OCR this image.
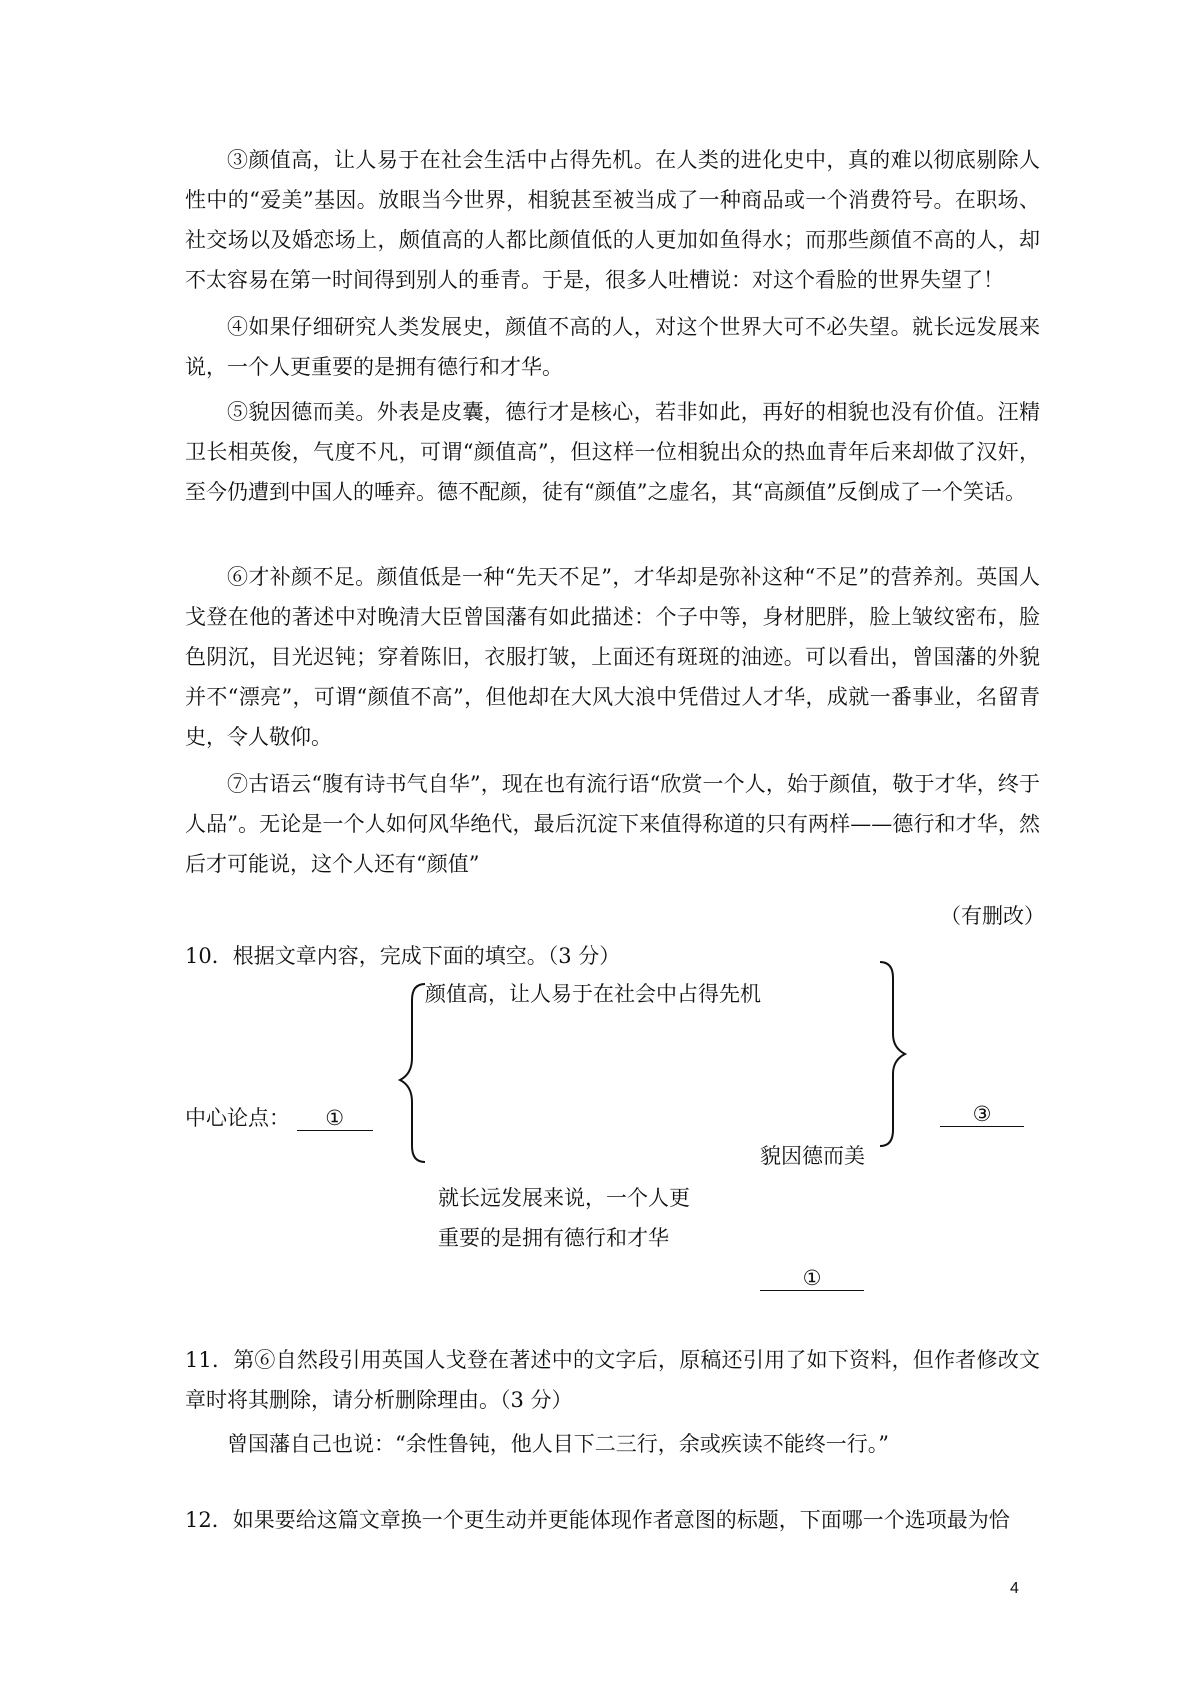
③颜值高，让人易于在社会生活中占得先机。在人类的进化史中，真的难以彻底剔除人性中的“爱美”基因。放眼当今世界，相貌甚至被当成了一种商品或一个消费符号。在职场、社交场以及婚恋场上，颇值高的人都比颜值低的人更加如鱼得水；而那些颜值不高的人，却不太容易在第一时间得到别人的垂青。于是，很多人吐槽说：对这个看脸的世界失望了！

④如果仔细研究人类发展史，颜值不高的人，对这个世界大可不必失望。就长远发展来说，一个人更重要的是拥有德行和才华。

⑤貌因德而美。外表是皮囊，德行才是核心，若非如此，再好的相貌也没有价值。汪精卫长相英俊，气度不凡，可谓“颜值高”，但这样一位相貌出众的热血青年后来却做了汉奸，至今仍遭到中国人的唾弃。德不配颜，徒有“颜值”之虚名，其“高颜值”反倒成了一个笑话。

⑥才补颜不足。颜值低是一种“先天不足”，才华却是弥补这种“不足”的营养剂。英国人戈登在他的著述中对晚清大臣曾国藩有如此描述：个子中等，身材肥胖，脸上皱纹密布，脸色阴沉，目光迟钝；穿着陈旧，衣服打皱，上面还有斑斑的油迹。可以看出，曾国藩的外貌并不“漂亮”，可谓“颜值不高”，但他却在大风大浪中凭借过人才华，成就一番事业，名留青史，令人敬仰。

⑦古语云“腹有诗书气自华”，现在也有流行语“欣赏一个人，始于颜值，敬于才华，终于人品”。无论是一个人如何风华绝代，最后沉淀下来值得称道的只有两样——德行和才华，然后才可能说，这个人还有“颜值”

（有删改）

10．根据文章内容，完成下面的填空。（3 分）

颜值高，让人易于在社会中占得先机

中心论点： ①	③

貌因德而美

就长远发展来说，一个人更

重要的是拥有德行和才华

①

11．第⑥自然段引用英国人戈登在著述中的文字后，原稿还引用了如下资料，但作者修改文章时将其删除，请分析删除理由。（3 分）

曾国藩自己也说：“余性鲁钝，他人目下二三行，余或疾读不能终一行。”

12．如果要给这篇文章换一个更生动并更能体现作者意图的标题，下面哪一个选项最为恰

4
